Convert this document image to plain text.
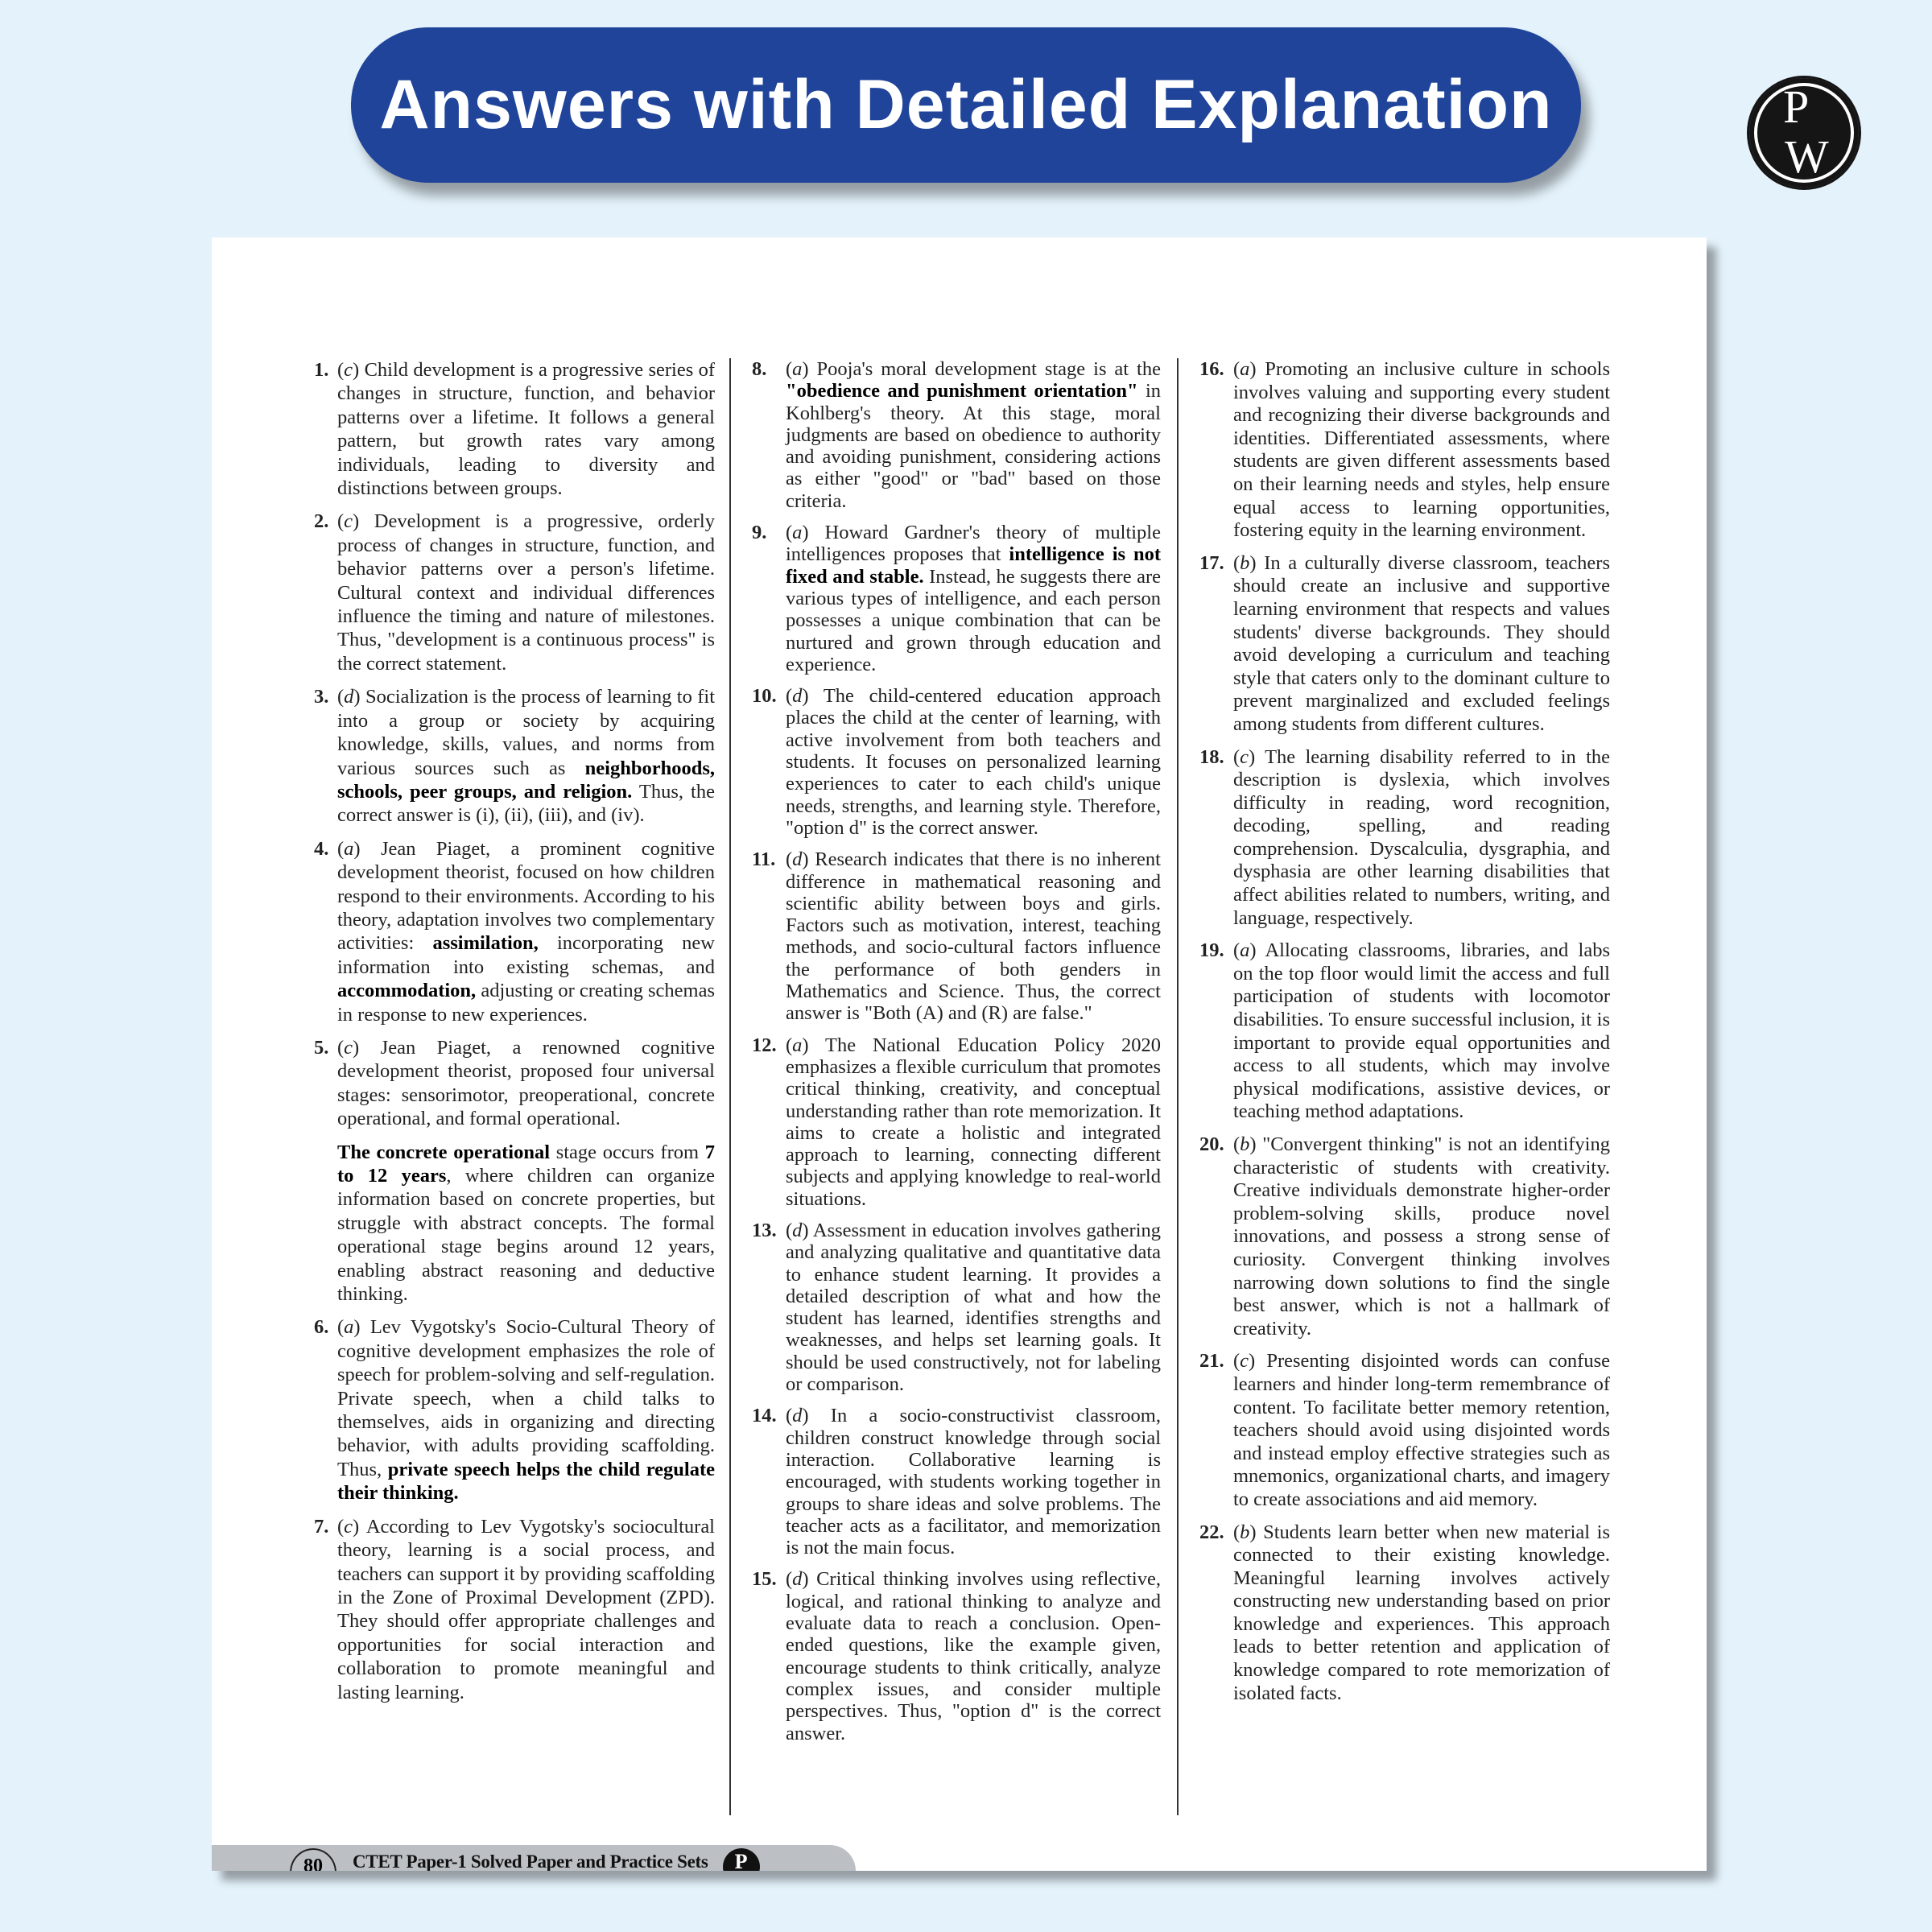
Answers with Detailed Explanation	P
W
1. ( c ) Child development is a progressive series of changes in structure, function, and behavior patterns over a lifetime. It follows a general pattern, but growth rates vary among individuals, leading to diversity and distinctions between groups.
2. ( c ) Development is a progressive, orderly process of changes in structure, function, and behavior patterns over a person's lifetime. Cultural context and individual differences influence the timing and nature of milestones. Thus, "development is a continuous process" is the correct statement.
3. ( d ) Socialization is the process of learning to fit into a group or society by acquiring knowledge, skills, values, and norms from various sources such as neighborhoods, schools, peer groups, and religion. Thus, the correct answer is (i), (ii), (iii), and (iv).
4. ( a ) Jean Piaget, a prominent cognitive development theorist, focused on how children respond to their environments. According to his theory, adaptation involves two complementary activities: assimilation, incorporating new information into existing schemas, and accommodation, adjusting or creating schemas in response to new experiences.
5. ( c ) Jean Piaget, a renowned cognitive development theorist, proposed four universal stages: sensorimotor, preoperational, concrete operational, and formal operational.
The concrete operational stage occurs from 7 to 12 years, where children can organize information based on concrete properties, but struggle with abstract concepts. The formal operational stage begins around 12 years, enabling abstract reasoning and deductive thinking.
6. ( a ) Lev Vygotsky's Socio-Cultural Theory of cognitive development emphasizes the role of speech for problem-solving and self-regulation. Private speech, when a child talks to themselves, aids in organizing and directing behavior, with adults providing scaffolding. Thus, private speech helps the child regulate their thinking.
7. ( c ) According to Lev Vygotsky's sociocultural theory, learning is a social process, and teachers can support it by providing scaffolding in the Zone of Proximal Development (ZPD). They should offer appropriate challenges and opportunities for social interaction and collaboration to promote meaningful and lasting learning.
8. ( a ) Pooja's moral development stage is at the "obedience and punishment orientation" in Kohlberg's theory. At this stage, moral judgments are based on obedience to authority and avoiding punishment, considering actions as either "good" or "bad" based on those criteria.
9. ( a ) Howard Gardner's theory of multiple intelligences proposes that intelligence is not fixed and stable. Instead, he suggests there are various types of intelligence, and each person possesses a unique combination that can be nurtured and grown through education and experience.
10. ( d ) The child-centered education approach places the child at the center of learning, with active involvement from both teachers and students. It focuses on personalized learning experiences to cater to each child's unique needs, strengths, and learning style. Therefore, "option d" is the correct answer.
11. ( d ) Research indicates that there is no inherent difference in mathematical reasoning and scientific ability between boys and girls. Factors such as motivation, interest, teaching methods, and socio-cultural factors influence the performance of both genders in Mathematics and Science. Thus, the correct answer is "Both (A) and (R) are false."
12. ( a ) The National Education Policy 2020 emphasizes a flexible curriculum that promotes critical thinking, creativity, and conceptual understanding rather than rote memorization. It aims to create a holistic and integrated approach to learning, connecting different subjects and applying knowledge to real-world situations.
13. ( d ) Assessment in education involves gathering and analyzing qualitative and quantitative data to enhance student learning. It provides a detailed description of what and how the student has learned, identifies strengths and weaknesses, and helps set learning goals. It should be used constructively, not for labeling or comparison.
14. ( d ) In a socio-constructivist classroom, children construct knowledge through social interaction. Collaborative learning is encouraged, with students working together in groups to share ideas and solve problems. The teacher acts as a facilitator, and memorization is not the main focus.
15. ( d ) Critical thinking involves using reflective, logical, and rational thinking to analyze and evaluate data to reach a conclusion. Open-ended questions, like the example given, encourage students to think critically, analyze complex issues, and consider multiple perspectives. Thus, "option d" is the correct answer.
16. ( a ) Promoting an inclusive culture in schools involves valuing and supporting every student and recognizing their diverse backgrounds and identities. Differentiated assessments, where students are given different assessments based on their learning needs and styles, help ensure equal access to learning opportunities, fostering equity in the learning environment.
17. ( b ) In a culturally diverse classroom, teachers should create an inclusive and supportive learning environment that respects and values students' diverse backgrounds. They should avoid developing a curriculum and teaching style that caters only to the dominant culture to prevent marginalized and excluded feelings among students from different cultures.
18. ( c ) The learning disability referred to in the description is dyslexia, which involves difficulty in reading, word recognition, decoding, spelling, and reading comprehension. Dyscalculia, dysgraphia, and dysphasia are other learning disabilities that affect abilities related to numbers, writing, and language, respectively.
19. ( a ) Allocating classrooms, libraries, and labs on the top floor would limit the access and full participation of students with locomotor disabilities. To ensure successful inclusion, it is important to provide equal opportunities and access to all students, which may involve physical modifications, assistive devices, or teaching method adaptations.
20. ( b ) "Convergent thinking" is not an identifying characteristic of students with creativity. Creative individuals demonstrate higher-order problem-solving skills, produce novel innovations, and possess a strong sense of curiosity. Convergent thinking involves narrowing down solutions to find the single best answer, which is not a hallmark of creativity.
21. ( c ) Presenting disjointed words can confuse learners and hinder long-term remembrance of content. To facilitate better memory retention, teachers should avoid using disjointed words and instead employ effective strategies such as mnemonics, organizational charts, and imagery to create associations and aid memory.
22. ( b ) Students learn better when new material is connected to their existing knowledge. Meaningful learning involves actively constructing new understanding based on prior knowledge and experiences. This approach leads to better retention and application of knowledge compared to rote memorization of isolated facts.
80	CTET Paper-1 Solved Paper and Practice Sets	P
